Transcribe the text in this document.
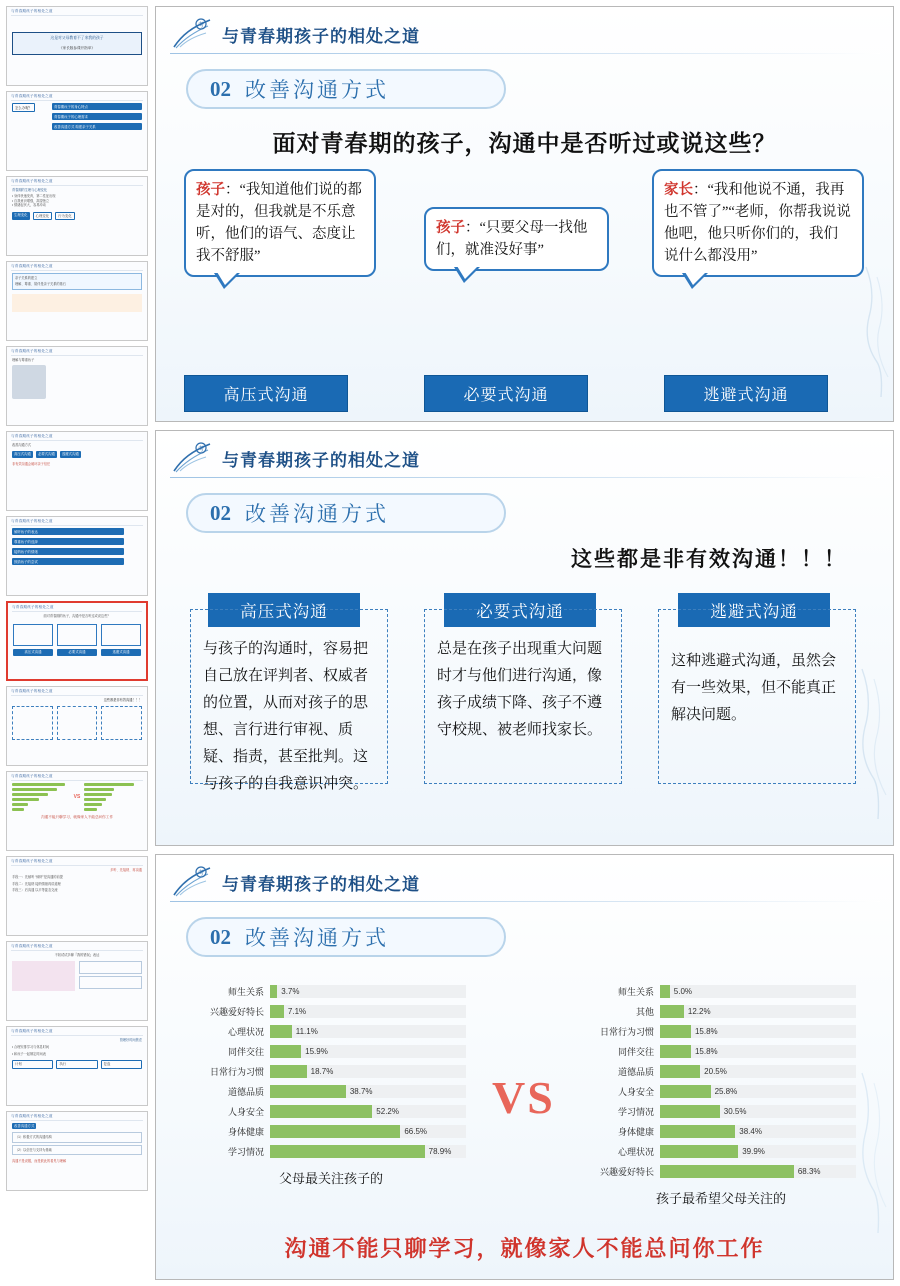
与青春期孩子的相处之道
这是对父母教育不了来我的孩子
《家长版参课开指单》
与青春期孩子的相处之道
怎么办呢？	青春期孩子的身心特点
青春期孩子的心理需求
改善沟通方式 构建亲子关系
与青春期孩子的相处之道
青春期的生理与心理变化
• 身体快速发育，第二性征出现
• 自我意识增强，渴望独立
• 情绪起伏大，容易冲动
生理变化	心理变化	行为变化
与青春期孩子的相处之道
亲子关系的建立
理解、尊重、陪伴是亲子关系的基石
与青春期孩子的相处之道
理解与尊重孩子
与青春期孩子的相处之道
改善沟通方式
高压式沟通	必要式沟通	逃避式沟通
非有效沟通会破坏亲子信任
与青春期孩子的相处之道
倾听孩子的表达
尊重孩子的选择
接纳孩子的情绪
鼓励孩子的尝试
与青春期孩子的相处之道
面对青春期的孩子，沟通中是否听过或说这些？
高压式沟通	必要式沟通	逃避式沟通
与青春期孩子的相处之道
这些都是非有效沟通！！！
与青春期孩子的相处之道
VS
沟通不能只聊学习，就像家人不能总问你工作
与青春期孩子的相处之道
多听、先接纳、再沟通
手段一：先倾听 “倾听”是沟通的前提
手段二：先接纳 接纳情绪再讲道理
手段三：后沟通 以平等姿态交流
与青春期孩子的相处之道
不妨试试多聊『我的错误』表达
与青春期孩子的相处之道
管理好时间焦虑
• 合理安排学习与休息时间
• 和孩子一起制定时间表
计划	执行	复盘
与青春期孩子的相处之道
改善沟通方式
（1）积极方式的沟通结构
（2）以信任与支持为基础
沟通不是说服，而是彼此的看见与理解
考
与青春期孩子的相处之道
02 改善沟通方式
面对青春期的孩子，沟通中是否听过或说这些？
孩子：“我知道他们说的都是对的，但我就是不乐意听，他们的语气、态度让我不舒服”
孩子：“只要父母一找他们，就准没好事”
家长：“我和他说不通，我再也不管了”“老师，你帮我说说他吧，他只听你们的，我们说什么都没用”
高压式沟通	必要式沟通	逃避式沟通
考
与青春期孩子的相处之道
02 改善沟通方式
这些都是非有效沟通！！！
高压式沟通
与孩子的沟通时，容易把自己放在评判者、权威者的位置，从而对孩子的思想、言行进行审视、质疑、指责，甚至批判。这与孩子的自我意识冲突。
必要式沟通
总是在孩子出现重大问题时才与他们进行沟通，像孩子成绩下降、孩子不遵守校规、被老师找家长。
逃避式沟通
这种逃避式沟通，虽然会有一些效果，但不能真正解决问题。
考
与青春期孩子的相处之道
02 改善沟通方式
师生关系	3.7%
兴趣爱好特长	7.1%
心理状况	11.1%
同伴交往	15.9%
日常行为习惯	18.7%
道德品质	38.7%
人身安全	52.2%
身体健康	66.5%
学习情况	78.9%
父母最关注孩子的
VS
师生关系	5.0%
其他	12.2%
日常行为习惯	15.8%
同伴交往	15.8%
道德品质	20.5%
人身安全	25.8%
学习情况	30.5%
身体健康	38.4%
心理状况	39.9%
兴趣爱好特长	68.3%
孩子最希望父母关注的
沟通不能只聊学习，就像家人不能总问你工作
